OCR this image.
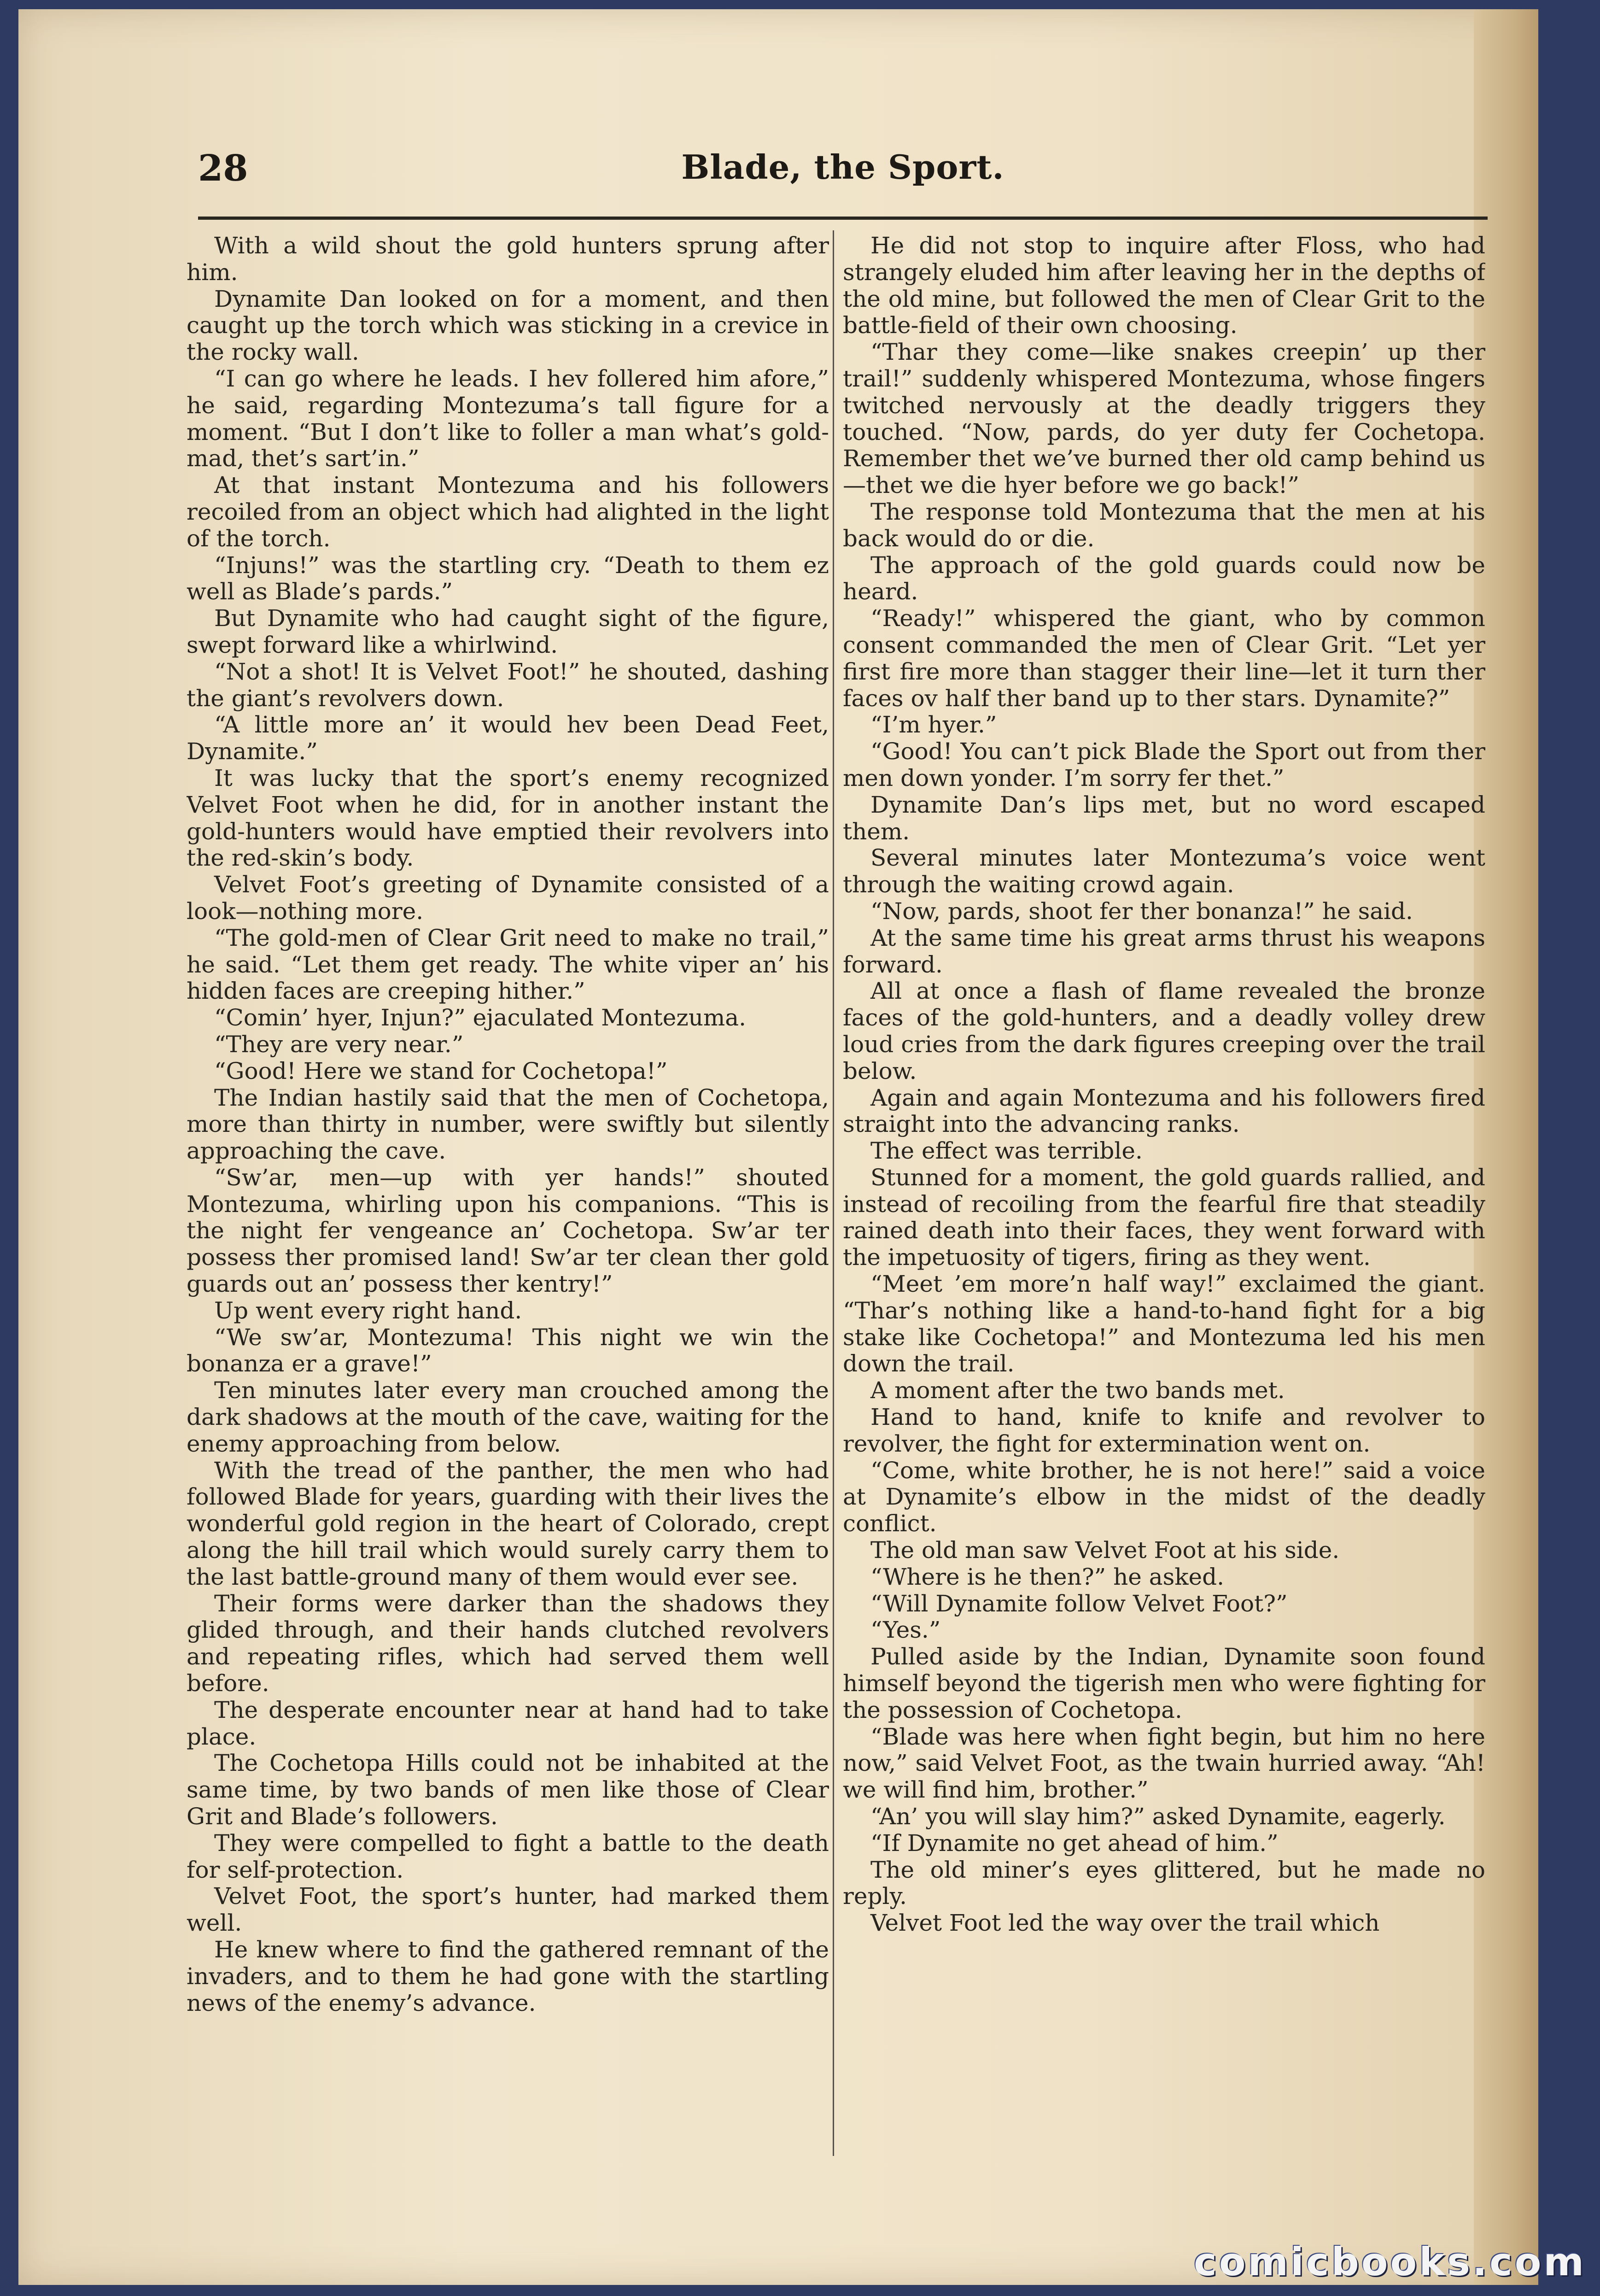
28	Blade, the Sport.

With a wild shout the gold hunters sprung after him.

Dynamite Dan looked on for a moment, and then caught up the torch which was sticking in a crevice in the rocky wall.

“I can go where he leads. I hev follered him afore,” he said, regarding Montezuma’s tall figure for a moment. “But I don’t like to foller a man what’s gold-mad, thet’s sart’in.”

At that instant Montezuma and his followers recoiled from an object which had alighted in the light of the torch.

“Injuns!” was the startling cry. “Death to them ez well as Blade’s pards.”

But Dynamite who had caught sight of the figure, swept forward like a whirlwind.

“Not a shot! It is Velvet Foot!” he shouted, dashing the giant’s revolvers down.

“A little more an’ it would hev been Dead Feet, Dynamite.”

It was lucky that the sport’s enemy recognized Velvet Foot when he did, for in another instant the gold-hunters would have emptied their revolvers into the red-skin’s body.

Velvet Foot’s greeting of Dynamite consisted of a look—nothing more.

“The gold-men of Clear Grit need to make no trail,” he said. “Let them get ready. The white viper an’ his hidden faces are creeping hither.”

“Comin’ hyer, Injun?” ejaculated Montezuma.

“They are very near.”

“Good! Here we stand for Cochetopa!”

The Indian hastily said that the men of Cochetopa, more than thirty in number, were swiftly but silently approaching the cave.

“Sw’ar, men—up with yer hands!” shouted Montezuma, whirling upon his companions. “This is the night fer vengeance an’ Cochetopa. Sw’ar ter possess ther promised land! Sw’ar ter clean ther gold guards out an’ possess ther kentry!”

Up went every right hand.

“We sw’ar, Montezuma! This night we win the bonanza er a grave!”

Ten minutes later every man crouched among the dark shadows at the mouth of the cave, waiting for the enemy approaching from below.

With the tread of the panther, the men who had followed Blade for years, guarding with their lives the wonderful gold region in the heart of Colorado, crept along the hill trail which would surely carry them to the last battle-ground many of them would ever see.

Their forms were darker than the shadows they glided through, and their hands clutched revolvers and repeating rifles, which had served them well before.

The desperate encounter near at hand had to take place.

The Cochetopa Hills could not be inhabited at the same time, by two bands of men like those of Clear Grit and Blade’s followers.

They were compelled to fight a battle to the death for self-protection.

Velvet Foot, the sport’s hunter, had marked them well.

He knew where to find the gathered remnant of the invaders, and to them he had gone with the startling news of the enemy’s advance.

He did not stop to inquire after Floss, who had strangely eluded him after leaving her in the depths of the old mine, but followed the men of Clear Grit to the battle-field of their own choosing.

“Thar they come—like snakes creepin’ up ther trail!” suddenly whispered Montezuma, whose fingers twitched nervously at the deadly triggers they touched. “Now, pards, do yer duty fer Cochetopa. Remember thet we’ve burned ther old camp behind us—thet we die hyer before we go back!”

The response told Montezuma that the men at his back would do or die.

The approach of the gold guards could now be heard.

“Ready!” whispered the giant, who by common consent commanded the men of Clear Grit. “Let yer first fire more than stagger their line—let it turn ther faces ov half ther band up to ther stars. Dynamite?”

“I’m hyer.”

“Good! You can’t pick Blade the Sport out from ther men down yonder. I’m sorry fer thet.”

Dynamite Dan’s lips met, but no word escaped them.

Several minutes later Montezuma’s voice went through the waiting crowd again.

“Now, pards, shoot fer ther bonanza!” he said.

At the same time his great arms thrust his weapons forward.

All at once a flash of flame revealed the bronze faces of the gold-hunters, and a deadly volley drew loud cries from the dark figures creeping over the trail below.

Again and again Montezuma and his followers fired straight into the advancing ranks.

The effect was terrible.

Stunned for a moment, the gold guards rallied, and instead of recoiling from the fearful fire that steadily rained death into their faces, they went forward with the impetuosity of tigers, firing as they went.

“Meet ’em more’n half way!” exclaimed the giant. “Thar’s nothing like a hand-to-hand fight for a big stake like Cochetopa!” and Montezuma led his men down the trail.

A moment after the two bands met.

Hand to hand, knife to knife and revolver to revolver, the fight for extermination went on.

“Come, white brother, he is not here!” said a voice at Dynamite’s elbow in the midst of the deadly conflict.

The old man saw Velvet Foot at his side.

“Where is he then?” he asked.

“Will Dynamite follow Velvet Foot?”

“Yes.”

Pulled aside by the Indian, Dynamite soon found himself beyond the tigerish men who were fighting for the possession of Cochetopa.

“Blade was here when fight begin, but him no here now,” said Velvet Foot, as the twain hurried away. “Ah! we will find him, brother.”

“An’ you will slay him?” asked Dynamite, eagerly.

“If Dynamite no get ahead of him.”

The old miner’s eyes glittered, but he made no reply.

Velvet Foot led the way over the trail which

comicbooks.com
